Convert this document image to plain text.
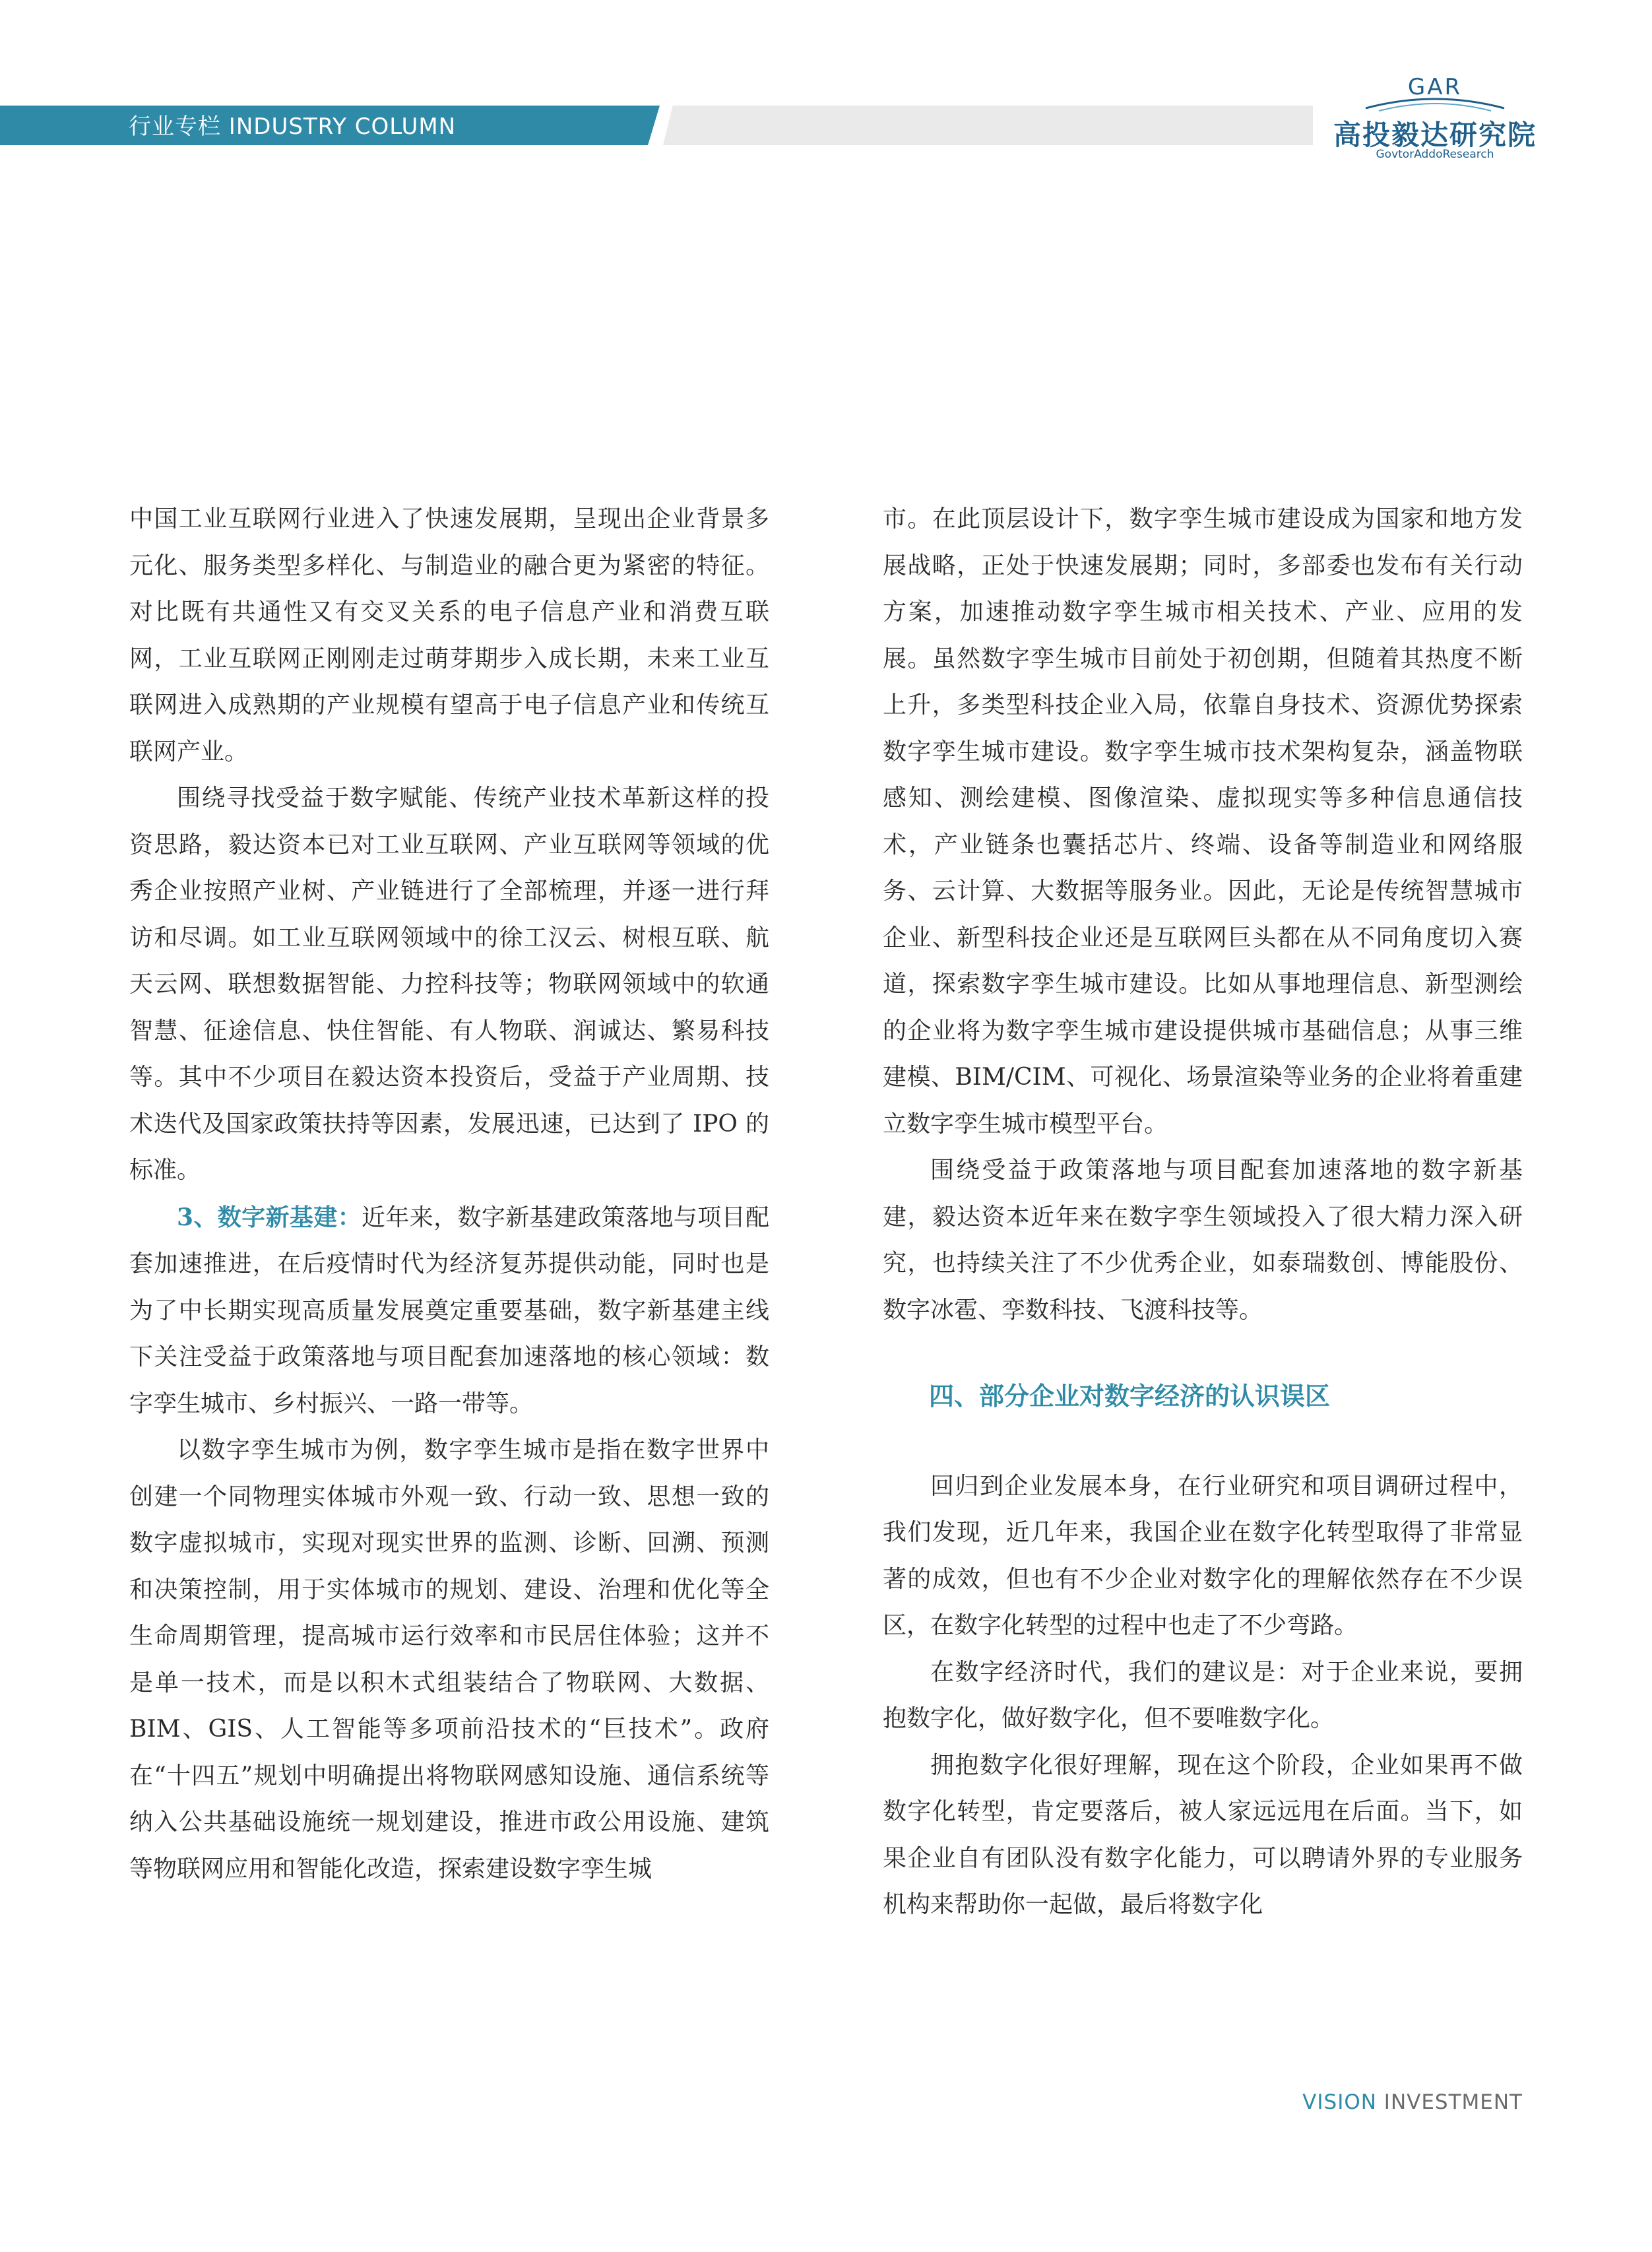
行业专栏 INDUSTRY COLUMN
GAR
高投毅达研究院
GovtorAddoResearch

中国工业互联网行业进入了快速发展期，呈现出企业背景多元化、服务类型多样化、与制造业的融合更为紧密的特征。对比既有共通性又有交叉关系的电子信息产业和消费互联网，工业互联网正刚刚走过萌芽期步入成长期，未来工业互联网进入成熟期的产业规模有望高于电子信息产业和传统互联网产业。

围绕寻找受益于数字赋能、传统产业技术革新这样的投资思路，毅达资本已对工业互联网、产业互联网等领域的优秀企业按照产业树、产业链进行了全部梳理，并逐一进行拜访和尽调。如工业互联网领域中的徐工汉云、树根互联、航天云网、联想数据智能、力控科技等；物联网领域中的软通智慧、征途信息、快住智能、有人物联、润诚达、繁易科技等。其中不少项目在毅达资本投资后，受益于产业周期、技术迭代及国家政策扶持等因素，发展迅速，已达到了 IPO 的标准。

3、数字新基建：近年来，数字新基建政策落地与项目配套加速推进，在后疫情时代为经济复苏提供动能，同时也是为了中长期实现高质量发展奠定重要基础，数字新基建主线下关注受益于政策落地与项目配套加速落地的核心领域：数字孪生城市、乡村振兴、一路一带等。

以数字孪生城市为例，数字孪生城市是指在数字世界中创建一个同物理实体城市外观一致、行动一致、思想一致的数字虚拟城市，实现对现实世界的监测、诊断、回溯、预测和决策控制，用于实体城市的规划、建设、治理和优化等全生命周期管理，提高城市运行效率和市民居住体验；这并不是单一技术，而是以积木式组装结合了物联网、大数据、BIM、GIS、人工智能等多项前沿技术的“巨技术”。政府在“十四五”规划中明确提出将物联网感知设施、通信系统等纳入公共基础设施统一规划建设，推进市政公用设施、建筑等物联网应用和智能化改造，探索建设数字孪生城

市。在此顶层设计下，数字孪生城市建设成为国家和地方发展战略，正处于快速发展期；同时，多部委也发布有关行动方案，加速推动数字孪生城市相关技术、产业、应用的发展。虽然数字孪生城市目前处于初创期，但随着其热度不断上升，多类型科技企业入局，依靠自身技术、资源优势探索数字孪生城市建设。数字孪生城市技术架构复杂，涵盖物联感知、测绘建模、图像渲染、虚拟现实等多种信息通信技术，产业链条也囊括芯片、终端、设备等制造业和网络服务、云计算、大数据等服务业。因此，无论是传统智慧城市企业、新型科技企业还是互联网巨头都在从不同角度切入赛道，探索数字孪生城市建设。比如从事地理信息、新型测绘的企业将为数字孪生城市建设提供城市基础信息；从事三维建模、BIM/CIM、可视化、场景渲染等业务的企业将着重建立数字孪生城市模型平台。

围绕受益于政策落地与项目配套加速落地的数字新基建，毅达资本近年来在数字孪生领域投入了很大精力深入研究，也持续关注了不少优秀企业，如泰瑞数创、博能股份、数字冰雹、孪数科技、飞渡科技等。

四、部分企业对数字经济的认识误区

回归到企业发展本身，在行业研究和项目调研过程中，我们发现，近几年来，我国企业在数字化转型取得了非常显著的成效，但也有不少企业对数字化的理解依然存在不少误区，在数字化转型的过程中也走了不少弯路。

在数字经济时代，我们的建议是：对于企业来说，要拥抱数字化，做好数字化，但不要唯数字化。

拥抱数字化很好理解，现在这个阶段，企业如果再不做数字化转型，肯定要落后，被人家远远甩在后面。当下，如果企业自有团队没有数字化能力，可以聘请外界的专业服务机构来帮助你一起做，最后将数字化

VISION INVESTMENT
